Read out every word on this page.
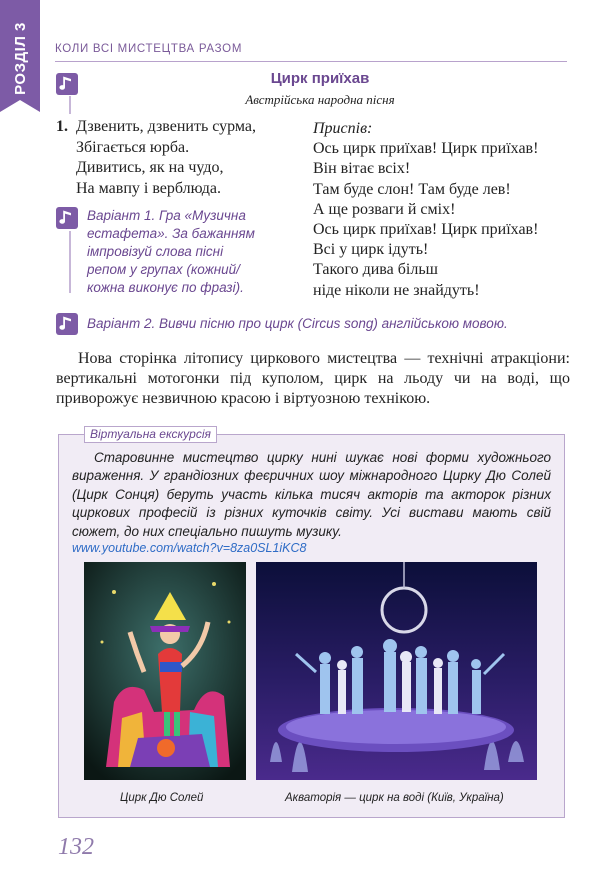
РОЗДІЛ 3 КОЛИ ВСІ МИСТЕЦТВА РАЗОМ
Цирк приїхав
Австрійська народна пісня
1. Дзвенить, дзвенить сурма,
Збігається юрба.
Дивитись, як на чудо,
На мавпу і верблюда.
Приспів:
Ось цирк приїхав! Цирк приїхав!
Він вітає всіх!
Там буде слон! Там буде лев!
А ще розваги й сміх!
Ось цирк приїхав! Цирк приїхав!
Всі у цирк ідуть!
Такого дива більш
ніде ніколи не знайдуть!
Варіант 1. Гра «Музична
естафета». За бажанням
імпровізуй слова пісні
репом у групах (кожний/
кожна виконує по фразі).
Варіант 2. Вивчи пісню про цирк (Circus song) англійською мовою.
Нова сторінка літопису циркового мистецтва — технічні атракціони: вертикальні мотогонки під куполом, цирк на льоду чи на воді, що приворожує незвичною красою і віртуозною технікою.
Віртуальна екскурсія
Старовинне мистецтво цирку нині шукає нові форми художнього вираження. У грандіозних феєричних шоу міжнародного Цирку Дю Солей (Цирк Сонця) беруть участь кілька тисяч акторів та акторок різних циркових професій із різних куточків світу. Усі вистави мають свій сюжет, до них спеціально пишуть музику.
www.youtube.com/watch?v=8za0SL1iKC8
Цирк Дю Солей	Акваторія — цирк на воді (Київ, Україна)
132
